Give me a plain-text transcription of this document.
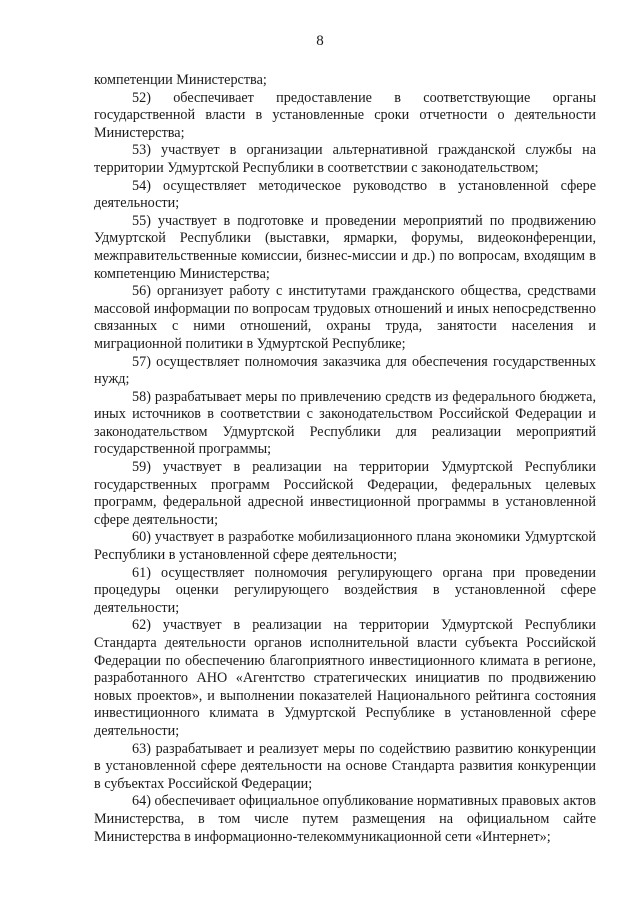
8

компетенции Министерства;

52) обеспечивает предоставление в соответствующие органы государственной власти в установленные сроки отчетности о деятельности Министерства;

53) участвует в организации альтернативной гражданской службы на территории Удмуртской Республики в соответствии с законодательством;

54) осуществляет методическое руководство в установленной сфере деятельности;

55) участвует в подготовке и проведении мероприятий по продвижению Удмуртской Республики (выставки, ярмарки, форумы, видеоконференции, межправительственные комиссии, бизнес-миссии и др.) по вопросам, входящим в компетенцию Министерства;

56) организует работу с институтами гражданского общества, средствами массовой информации по вопросам трудовых отношений и иных непосредственно связанных с ними отношений, охраны труда, занятости населения и миграционной политики в Удмуртской Республике;

57) осуществляет полномочия заказчика для обеспечения государственных нужд;

58) разрабатывает меры по привлечению средств из федерального бюджета, иных источников в соответствии с законодательством Российской Федерации и законодательством Удмуртской Республики для реализации мероприятий государственной программы;

59) участвует в реализации на территории Удмуртской Республики государственных программ Российской Федерации, федеральных целевых программ, федеральной адресной инвестиционной программы в установленной сфере деятельности;

60) участвует в разработке мобилизационного плана экономики Удмуртской Республики в установленной сфере деятельности;

61) осуществляет полномочия регулирующего органа при проведении процедуры оценки регулирующего воздействия в установленной сфере деятельности;

62) участвует в реализации на территории Удмуртской Республики Стандарта деятельности органов исполнительной власти субъекта Российской Федерации по обеспечению благоприятного инвестиционного климата в регионе, разработанного АНО «Агентство стратегических инициатив по продвижению новых проектов», и выполнении показателей Национального рейтинга состояния инвестиционного климата в Удмуртской Республике в установленной сфере деятельности;

63) разрабатывает и реализует меры по содействию развитию конкуренции в установленной сфере деятельности на основе Стандарта развития конкуренции в субъектах Российской Федерации;

64) обеспечивает официальное опубликование нормативных правовых актов Министерства, в том числе путем размещения на официальном сайте Министерства в информационно-телекоммуникационной сети «Интернет»;
